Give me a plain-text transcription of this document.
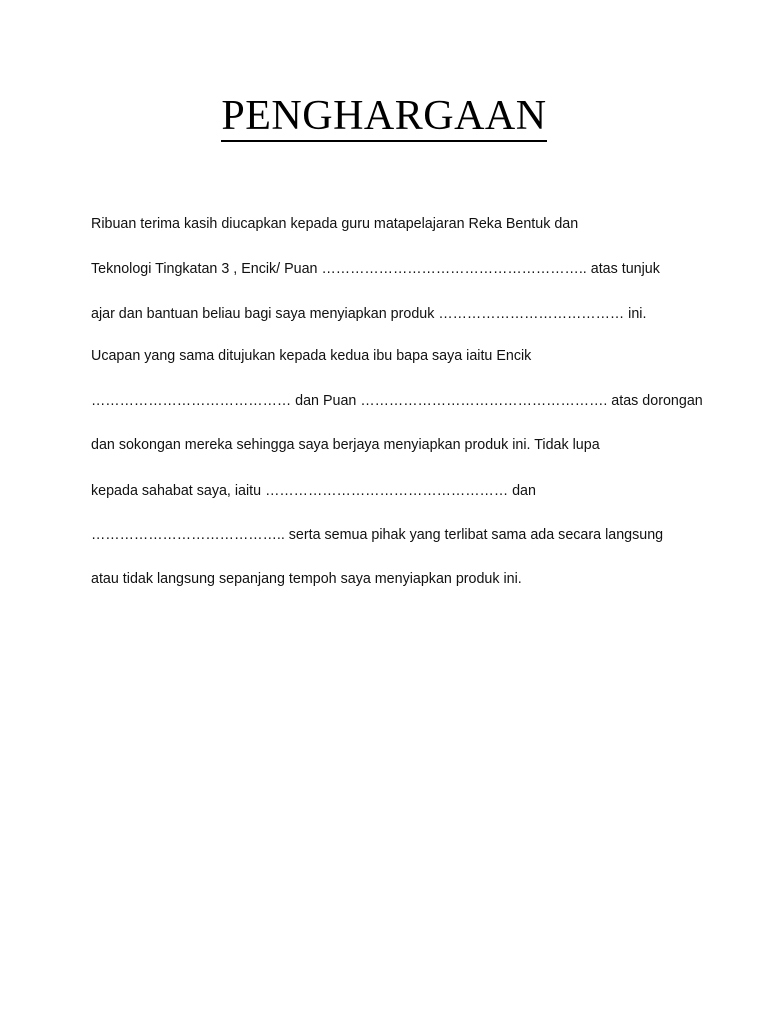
PENGHARGAAN

Ribuan terima kasih diucapkan kepada guru matapelajaran Reka Bentuk dan

Teknologi Tingkatan 3 , Encik/ Puan ……………………………………………….. atas tunjuk

ajar dan bantuan beliau bagi saya menyiapkan produk ………………………………… ini.

Ucapan yang sama ditujukan kepada kedua ibu bapa saya iaitu Encik

…………………………………… dan Puan ……………………………………………. atas dorongan

dan sokongan mereka sehingga saya berjaya menyiapkan produk ini. Tidak lupa

kepada sahabat saya, iaitu …………………………………………… dan

………………………………….. serta semua pihak yang terlibat sama ada secara langsung

atau tidak langsung sepanjang tempoh saya menyiapkan produk ini.
